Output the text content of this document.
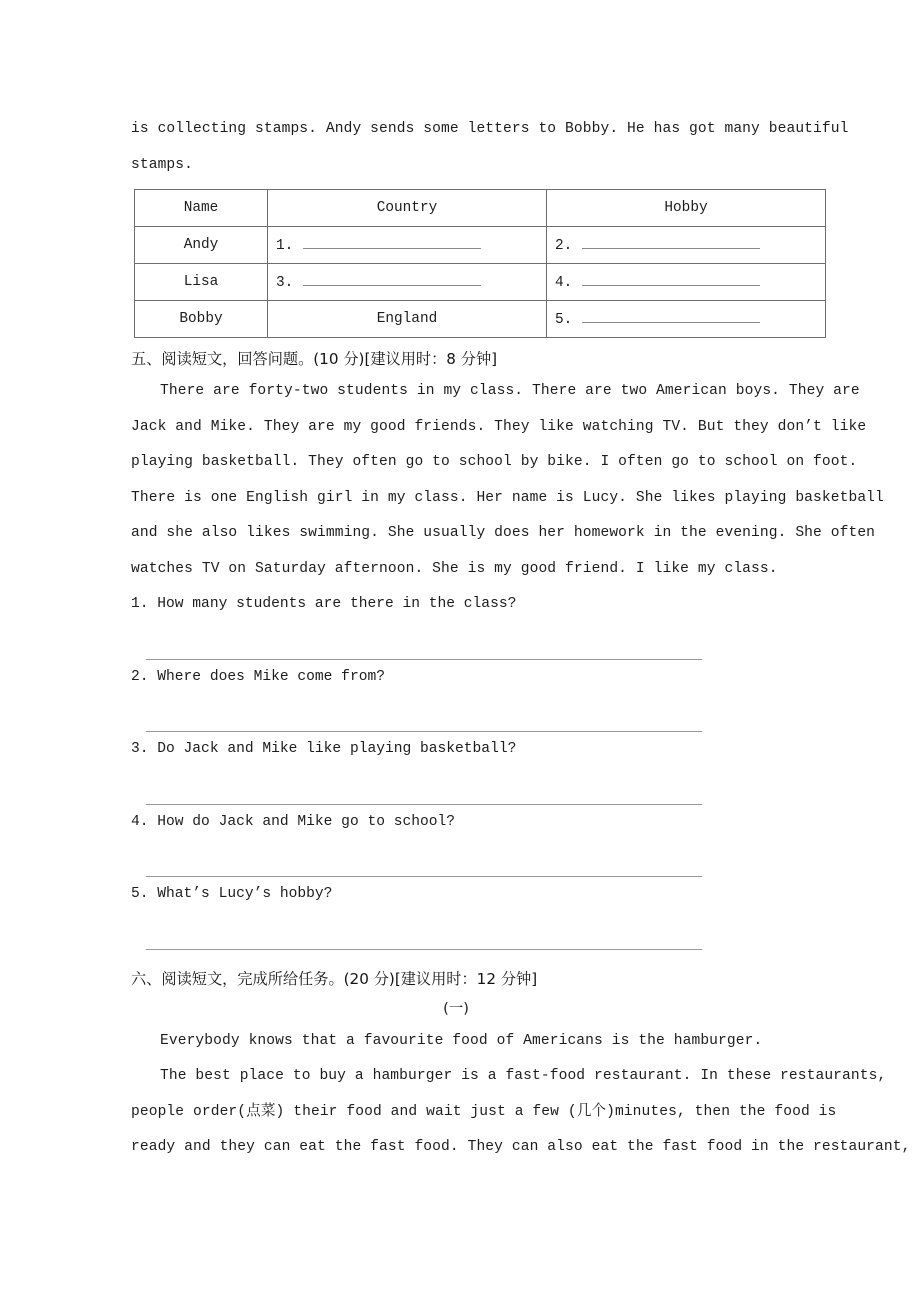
is collecting stamps. Andy sends some letters to Bobby. He has got many beautiful
stamps.
Name	Country	Hobby
Andy	1.	2.

Lisa	3.	4.

Bobby	England	5.
五、阅读短文，回答问题。(10 分)[建议用时：8 分钟]
There are forty-two students in my class. There are two American boys. They are
Jack and Mike. They are my good friends. They like watching TV. But they don’t like
playing basketball. They often go to school by bike. I often go to school on foot.
There is one English girl in my class. Her name is Lucy. She likes playing basketball
and she also likes swimming. She usually does her homework in the evening. She often
watches TV on Saturday afternoon. She is my good friend. I like my class.
1. How many students are there in the class?
2. Where does Mike come from?
3. Do Jack and Mike like playing basketball?
4. How do Jack and Mike go to school?
5. What’s Lucy’s hobby?
六、阅读短文，完成所给任务。(20 分)[建议用时：12 分钟]
(一)
Everybody knows that a favourite food of Americans is the hamburger.
The best place to buy a hamburger is a fast-food restaurant. In these restaurants,
people order(点菜) their food and wait just a few (几个)minutes, then the food is
ready and they can eat the fast food. They can also eat the fast food in the restaurant,
